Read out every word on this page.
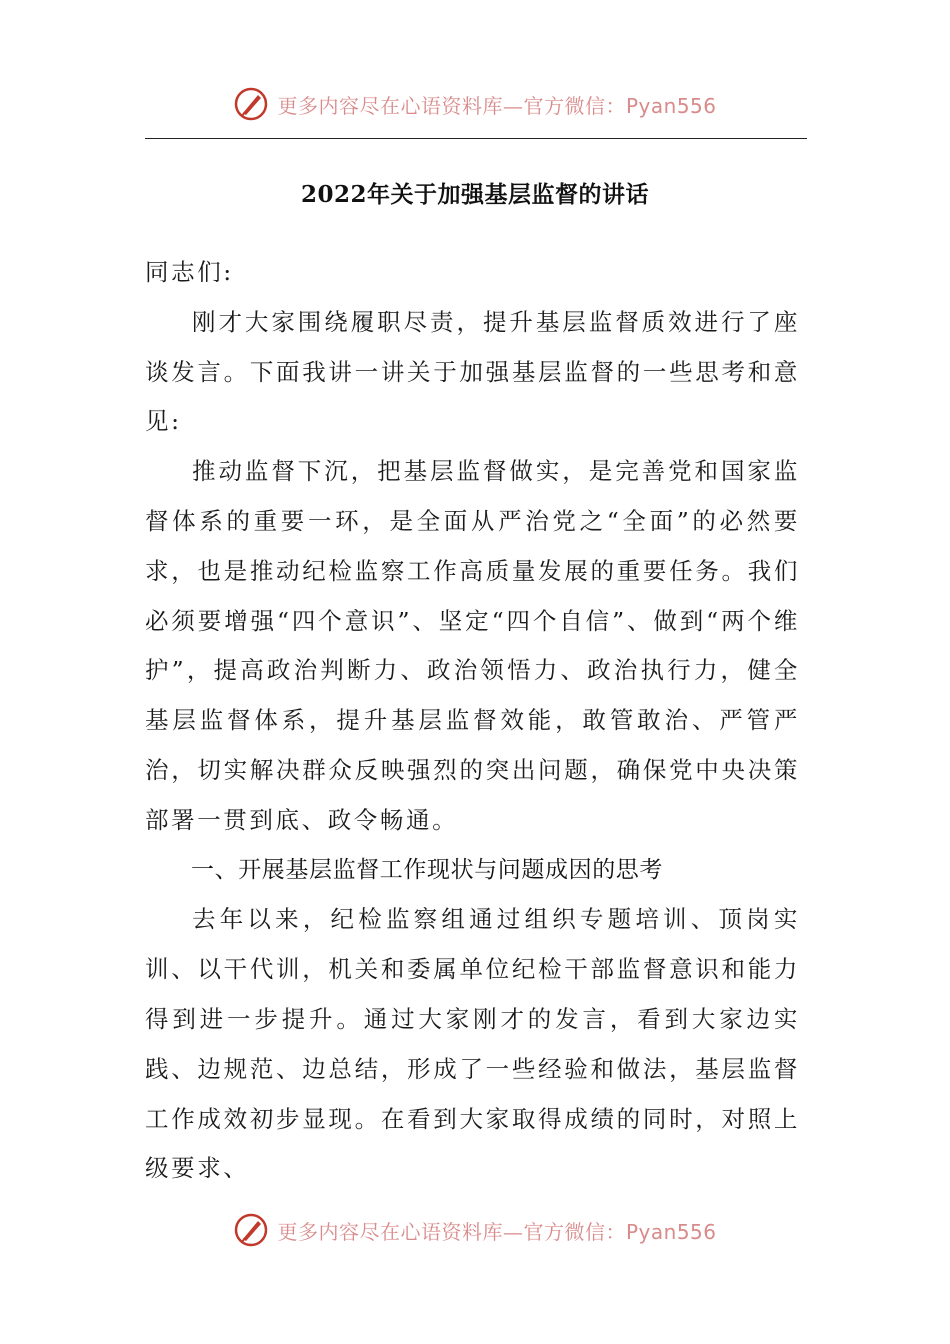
更多内容尽在心语资料库—官方微信：Pyan556
2022年关于加强基层监督的讲话

同志们:

刚才大家围绕履职尽责，提升基层监督质效进行了座谈发言。下面我讲一讲关于加强基层监督的一些思考和意见:

推动监督下沉，把基层监督做实，是完善党和国家监督体系的重要一环，是全面从严治党之“全面”的必然要求，也是推动纪检监察工作高质量发展的重要任务。我们必须要增强“四个意识”、坚定“四个自信”、做到“两个维护”，提高政治判断力、政治领悟力、政治执行力，健全基层监督体系，提升基层监督效能，敢管敢治、严管严治，切实解决群众反映强烈的突出问题，确保党中央决策部署一贯到底、政令畅通。

一、开展基层监督工作现状与问题成因的思考

去年以来，纪检监察组通过组织专题培训、顶岗实训、以干代训，机关和委属单位纪检干部监督意识和能力得到进一步提升。通过大家刚才的发言，看到大家边实践、边规范、边总结，形成了一些经验和做法，基层监督工作成效初步显现。在看到大家取得成绩的同时，对照上级要求、

更多内容尽在心语资料库—官方微信：Pyan556
